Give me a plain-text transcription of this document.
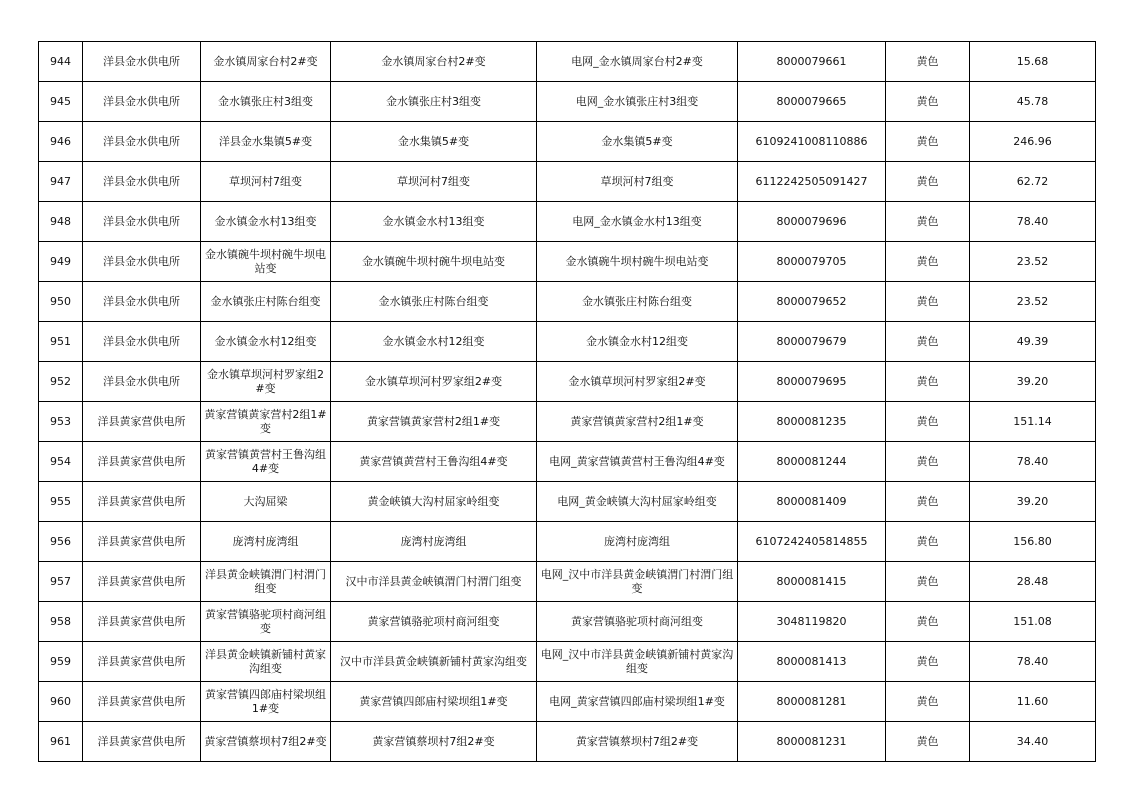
944	洋县金水供电所	金水镇周家台村2#变	金水镇周家台村2#变	电网_金水镇周家台村2#变	8000079661	黄色	15.68
945	洋县金水供电所	金水镇张庄村3组变	金水镇张庄村3组变	电网_金水镇张庄村3组变	8000079665	黄色	45.78
946	洋县金水供电所	洋县金水集镇5#变	金水集镇5#变	金水集镇5#变	6109241008110886	黄色	246.96
947	洋县金水供电所	草坝河村7组变	草坝河村7组变	草坝河村7组变	6112242505091427	黄色	62.72
948	洋县金水供电所	金水镇金水村13组变	金水镇金水村13组变	电网_金水镇金水村13组变	8000079696	黄色	78.40
949	洋县金水供电所	金水镇碗牛坝村碗牛坝电站变	金水镇碗牛坝村碗牛坝电站变	金水镇碗牛坝村碗牛坝电站变	8000079705	黄色	23.52
950	洋县金水供电所	金水镇张庄村陈台组变	金水镇张庄村陈台组变	金水镇张庄村陈台组变	8000079652	黄色	23.52
951	洋县金水供电所	金水镇金水村12组变	金水镇金水村12组变	金水镇金水村12组变	8000079679	黄色	49.39
952	洋县金水供电所	金水镇草坝河村罗家组2#变	金水镇草坝河村罗家组2#变	金水镇草坝河村罗家组2#变	8000079695	黄色	39.20
953	洋县黄家营供电所	黄家营镇黄家营村2组1#变	黄家营镇黄家营村2组1#变	黄家营镇黄家营村2组1#变	8000081235	黄色	151.14
954	洋县黄家营供电所	黄家营镇黄营村王鲁沟组4#变	黄家营镇黄营村王鲁沟组4#变	电网_黄家营镇黄营村王鲁沟组4#变	8000081244	黄色	78.40
955	洋县黄家营供电所	大沟屈梁	黄金峡镇大沟村屈家岭组变	电网_黄金峡镇大沟村屈家岭组变	8000081409	黄色	39.20
956	洋县黄家营供电所	庞湾村庞湾组	庞湾村庞湾组	庞湾村庞湾组	6107242405814855	黄色	156.80
957	洋县黄家营供电所	洋县黄金峡镇渭门村渭门组变	汉中市洋县黄金峡镇渭门村渭门组变	电网_汉中市洋县黄金峡镇渭门村渭门组变	8000081415	黄色	28.48
958	洋县黄家营供电所	黄家营镇骆驼项村商河组变	黄家营镇骆驼项村商河组变	黄家营镇骆驼项村商河组变	3048119820	黄色	151.08
959	洋县黄家营供电所	洋县黄金峡镇新铺村黄家沟组变	汉中市洋县黄金峡镇新铺村黄家沟组变	电网_汉中市洋县黄金峡镇新铺村黄家沟组变	8000081413	黄色	78.40
960	洋县黄家营供电所	黄家营镇四郎庙村梁坝组1#变	黄家营镇四郎庙村梁坝组1#变	电网_黄家营镇四郎庙村梁坝组1#变	8000081281	黄色	11.60
961	洋县黄家营供电所	黄家营镇蔡坝村7组2#变	黄家营镇蔡坝村7组2#变	黄家营镇蔡坝村7组2#变	8000081231	黄色	34.40
